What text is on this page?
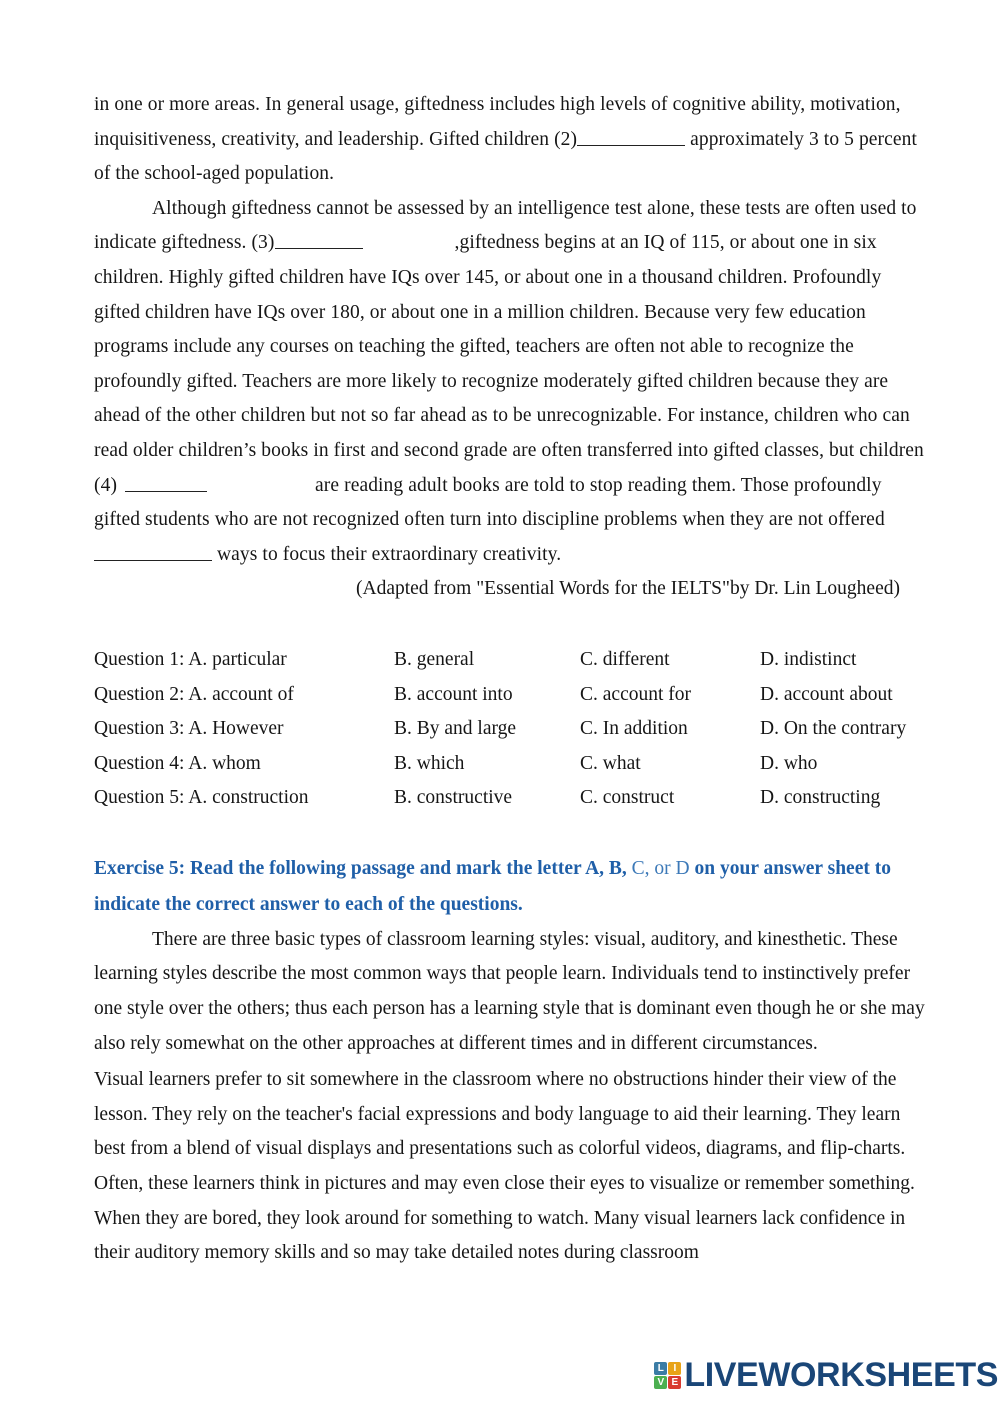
in one or more areas. In general usage, giftedness includes high levels of cognitive ability, motivation, inquisitiveness, creativity, and leadership. Gifted children (2)	approximately 3 to 5 percent of the school-aged population.

Although giftedness cannot be assessed by an intelligence test alone, these tests are often used to indicate giftedness. (3)	,giftedness begins at an IQ of 115, or about one in six children. Highly gifted children have IQs over 145, or about one in a thousand children. Profoundly gifted children have IQs over 180, or about one in a million children. Because very few education programs include any courses on teaching the gifted, teachers are often not able to recognize the profoundly gifted. Teachers are more likely to recognize moderately gifted children because they are ahead of the other children but not so far ahead as to be unrecognizable. For instance, children who can read older children’s books in first and second grade are often transferred into gifted classes, but children (4)	are reading adult books are told to stop reading them. Those profoundly gifted students who are not recognized often turn into discipline problems when they are not offered  ways to focus their extraordinary creativity.

(Adapted from "Essential Words for the IELTS"by Dr. Lin Lougheed)

Question 1: A. particular	B. general	C. different	D. indistinct
Question 2: A. account of	B. account into	C. account for	D. account about
Question 3: A. However	B. By and large	C. In addition	D. On the contrary
Question 4: A. whom	B. which	C. what	D. who
Question 5: A. construction	B. constructive	C. construct	D. constructing

Exercise 5: Read the following passage and mark the letter A, B, C, or D on your answer sheet to indicate the correct answer to each of the questions.

There are three basic types of classroom learning styles: visual, auditory, and kinesthetic. These learning styles describe the most common ways that people learn. Individuals tend to instinctively prefer one style over the others; thus each person has a learning style that is dominant even though he or she may also rely somewhat on the other approaches at different times and in different circumstances.

Visual learners prefer to sit somewhere in the classroom where no obstructions hinder their view of the lesson. They rely on the teacher's facial expressions and body language to aid their learning. They learn best from a blend of visual displays and presentations such as colorful videos, diagrams, and flip-charts. Often, these learners think in pictures and may even close their eyes to visualize or remember something. When they are bored, they look around for something to watch. Many visual learners lack confidence in their auditory memory skills and so may take detailed notes during classroom

L I
V E LIVEWORKSHEETS
